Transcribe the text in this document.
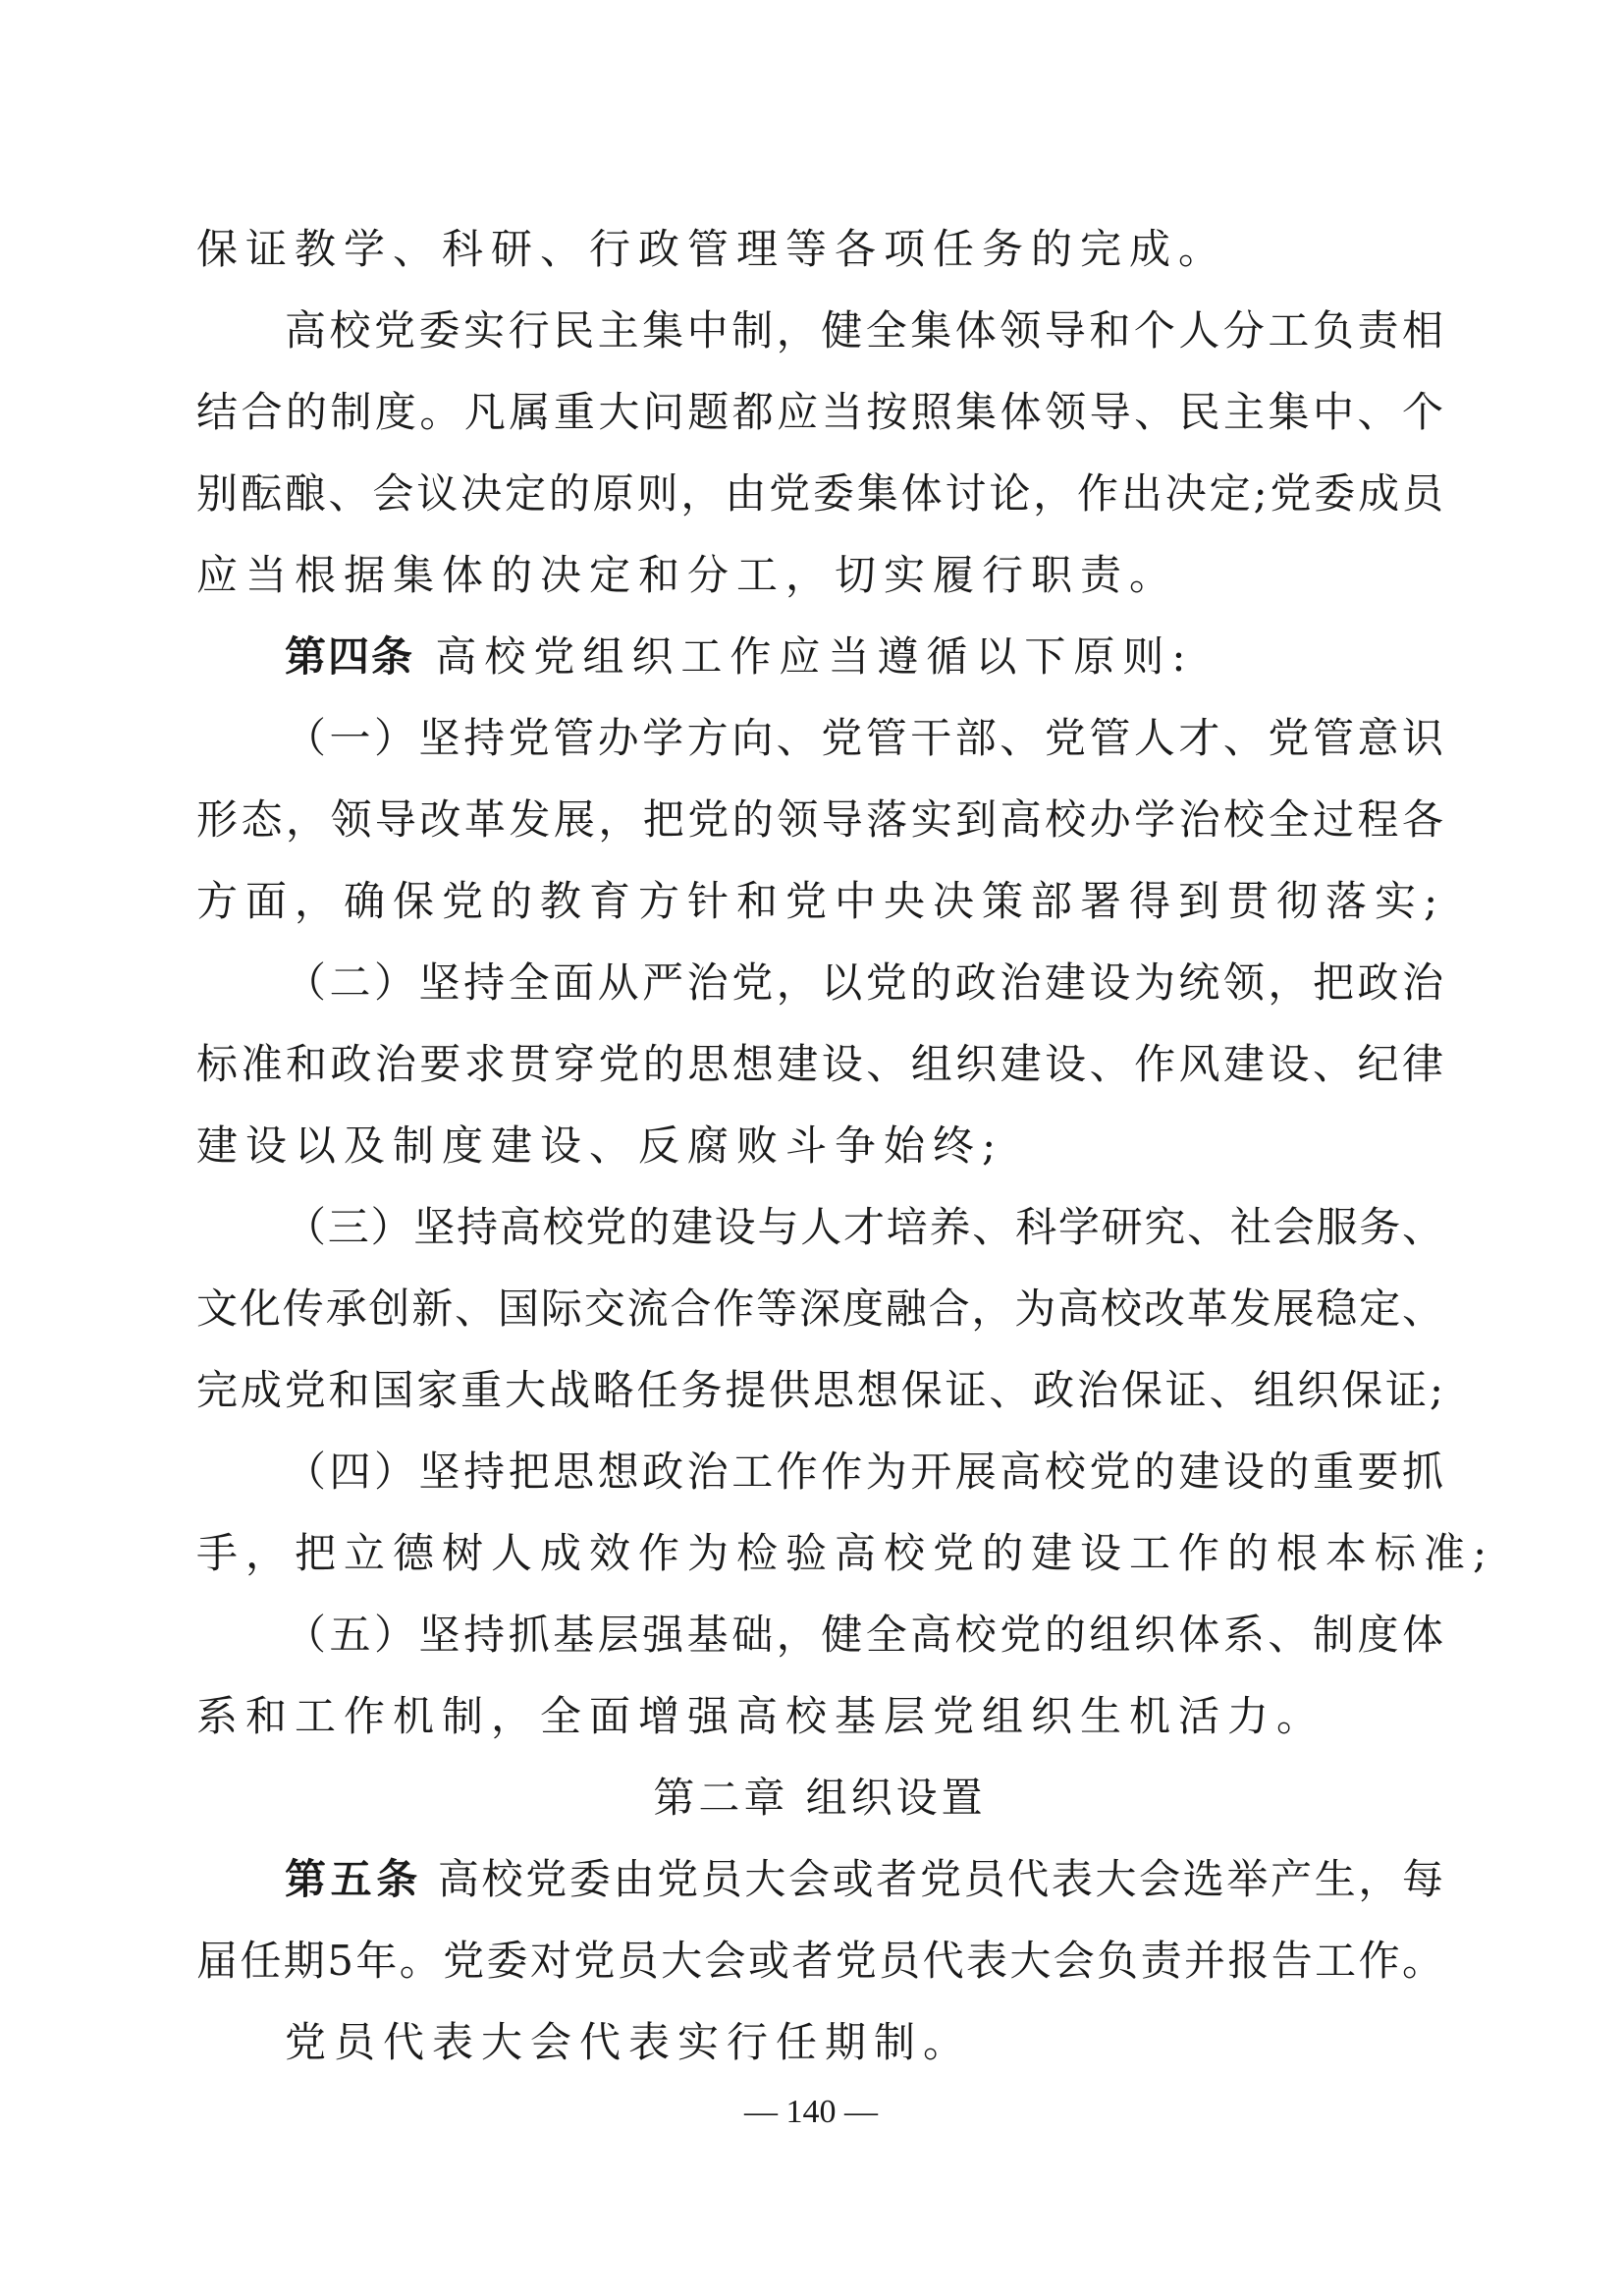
保证教学、科研、行政管理等各项任务的完成。
高校党委实行民主集中制，健全集体领导和个人分工负责相
结合的制度。凡属重大问题都应当按照集体领导、民主集中、个
别酝酿、会议决定的原则，由党委集体讨论，作出决定;党委成员
应当根据集体的决定和分工，切实履行职责。
第四条 高校党组织工作应当遵循以下原则:
（一）坚持党管办学方向、党管干部、党管人才、党管意识
形态，领导改革发展，把党的领导落实到高校办学治校全过程各
方面，确保党的教育方针和党中央决策部署得到贯彻落实;
（二）坚持全面从严治党，以党的政治建设为统领，把政治
标准和政治要求贯穿党的思想建设、组织建设、作风建设、纪律
建设以及制度建设、反腐败斗争始终;
（三）坚持高校党的建设与人才培养、科学研究、社会服务、
文化传承创新、国际交流合作等深度融合，为高校改革发展稳定、
完成党和国家重大战略任务提供思想保证、政治保证、组织保证;
（四）坚持把思想政治工作作为开展高校党的建设的重要抓
手，把立德树人成效作为检验高校党的建设工作的根本标准;
（五）坚持抓基层强基础，健全高校党的组织体系、制度体
系和工作机制，全面增强高校基层党组织生机活力。
第二章 组织设置
第五条 高校党委由党员大会或者党员代表大会选举产生，每
届任期5年。党委对党员大会或者党员代表大会负责并报告工作。
党员代表大会代表实行任期制。
— 140 —
